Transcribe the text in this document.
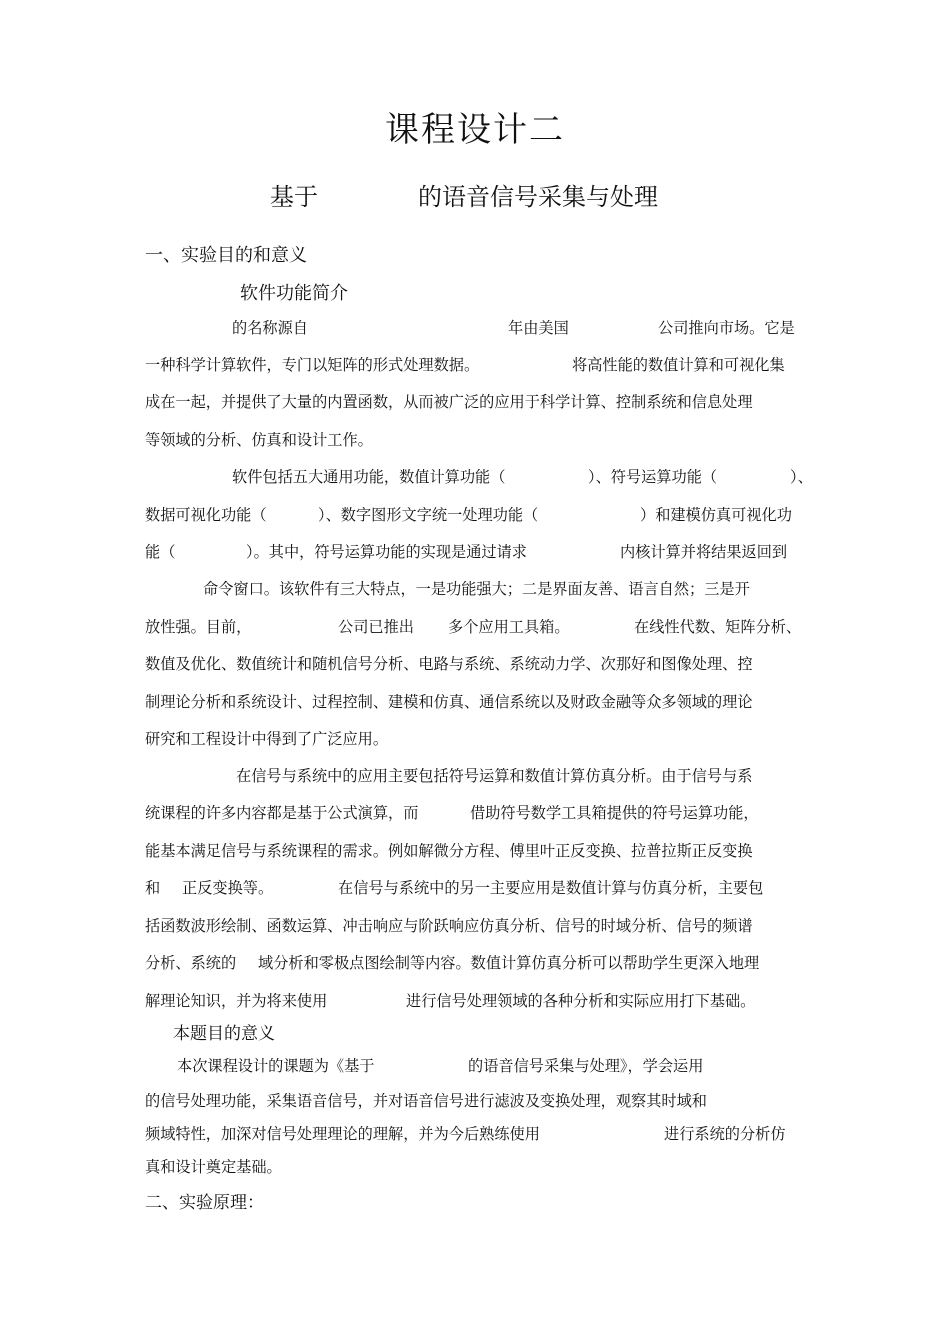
课程设计二
基于	的语音信号采集与处理
一、实验目的和意义
软件功能简介
的名称源自	年由美国	公司推向市场。它是
一种科学计算软件，专门以矩阵的形式处理数据。	将高性能的数值计算和可视化集
成在一起，并提供了大量的内置函数，从而被广泛的应用于科学计算、控制系统和信息处理
等领域的分析、仿真和设计工作。
软件包括五大通用功能，数值计算功能（	）、符号运算功能（	）、
数据可视化功能（	）、数字图形文字统一处理功能（	）和建模仿真可视化功
能（	）。其中，符号运算功能的实现是通过请求	内核计算并将结果返回到
命令窗口。该软件有三大特点，一是功能强大；二是界面友善、语言自然；三是开
放性强。目前，	公司已推出 多个应用工具箱。	在线性代数、矩阵分析、
数值及优化、数值统计和随机信号分析、电路与系统、系统动力学、次那好和图像处理、控
制理论分析和系统设计、过程控制、建模和仿真、通信系统以及财政金融等众多领域的理论
研究和工程设计中得到了广泛应用。
在信号与系统中的应用主要包括符号运算和数值计算仿真分析。由于信号与系
统课程的许多内容都是基于公式演算，而	借助符号数学工具箱提供的符号运算功能，
能基本满足信号与系统课程的需求。例如解微分方程、傅里叶正反变换、拉普拉斯正反变换
和 正反变换等。	在信号与系统中的另一主要应用是数值计算与仿真分析，主要包
括函数波形绘制、函数运算、冲击响应与阶跃响应仿真分析、信号的时域分析、信号的频谱
分析、系统的 域分析和零极点图绘制等内容。数值计算仿真分析可以帮助学生更深入地理
解理论知识，并为将来使用	进行信号处理领域的各种分析和实际应用打下基础。
本题目的意义
本次课程设计的课题为《基于	的语音信号采集与处理》，学会运用
的信号处理功能，采集语音信号，并对语音信号进行滤波及变换处理，观察其时域和
频域特性，加深对信号处理理论的理解，并为今后熟练使用	进行系统的分析仿
真和设计奠定基础。
二、实验原理：
